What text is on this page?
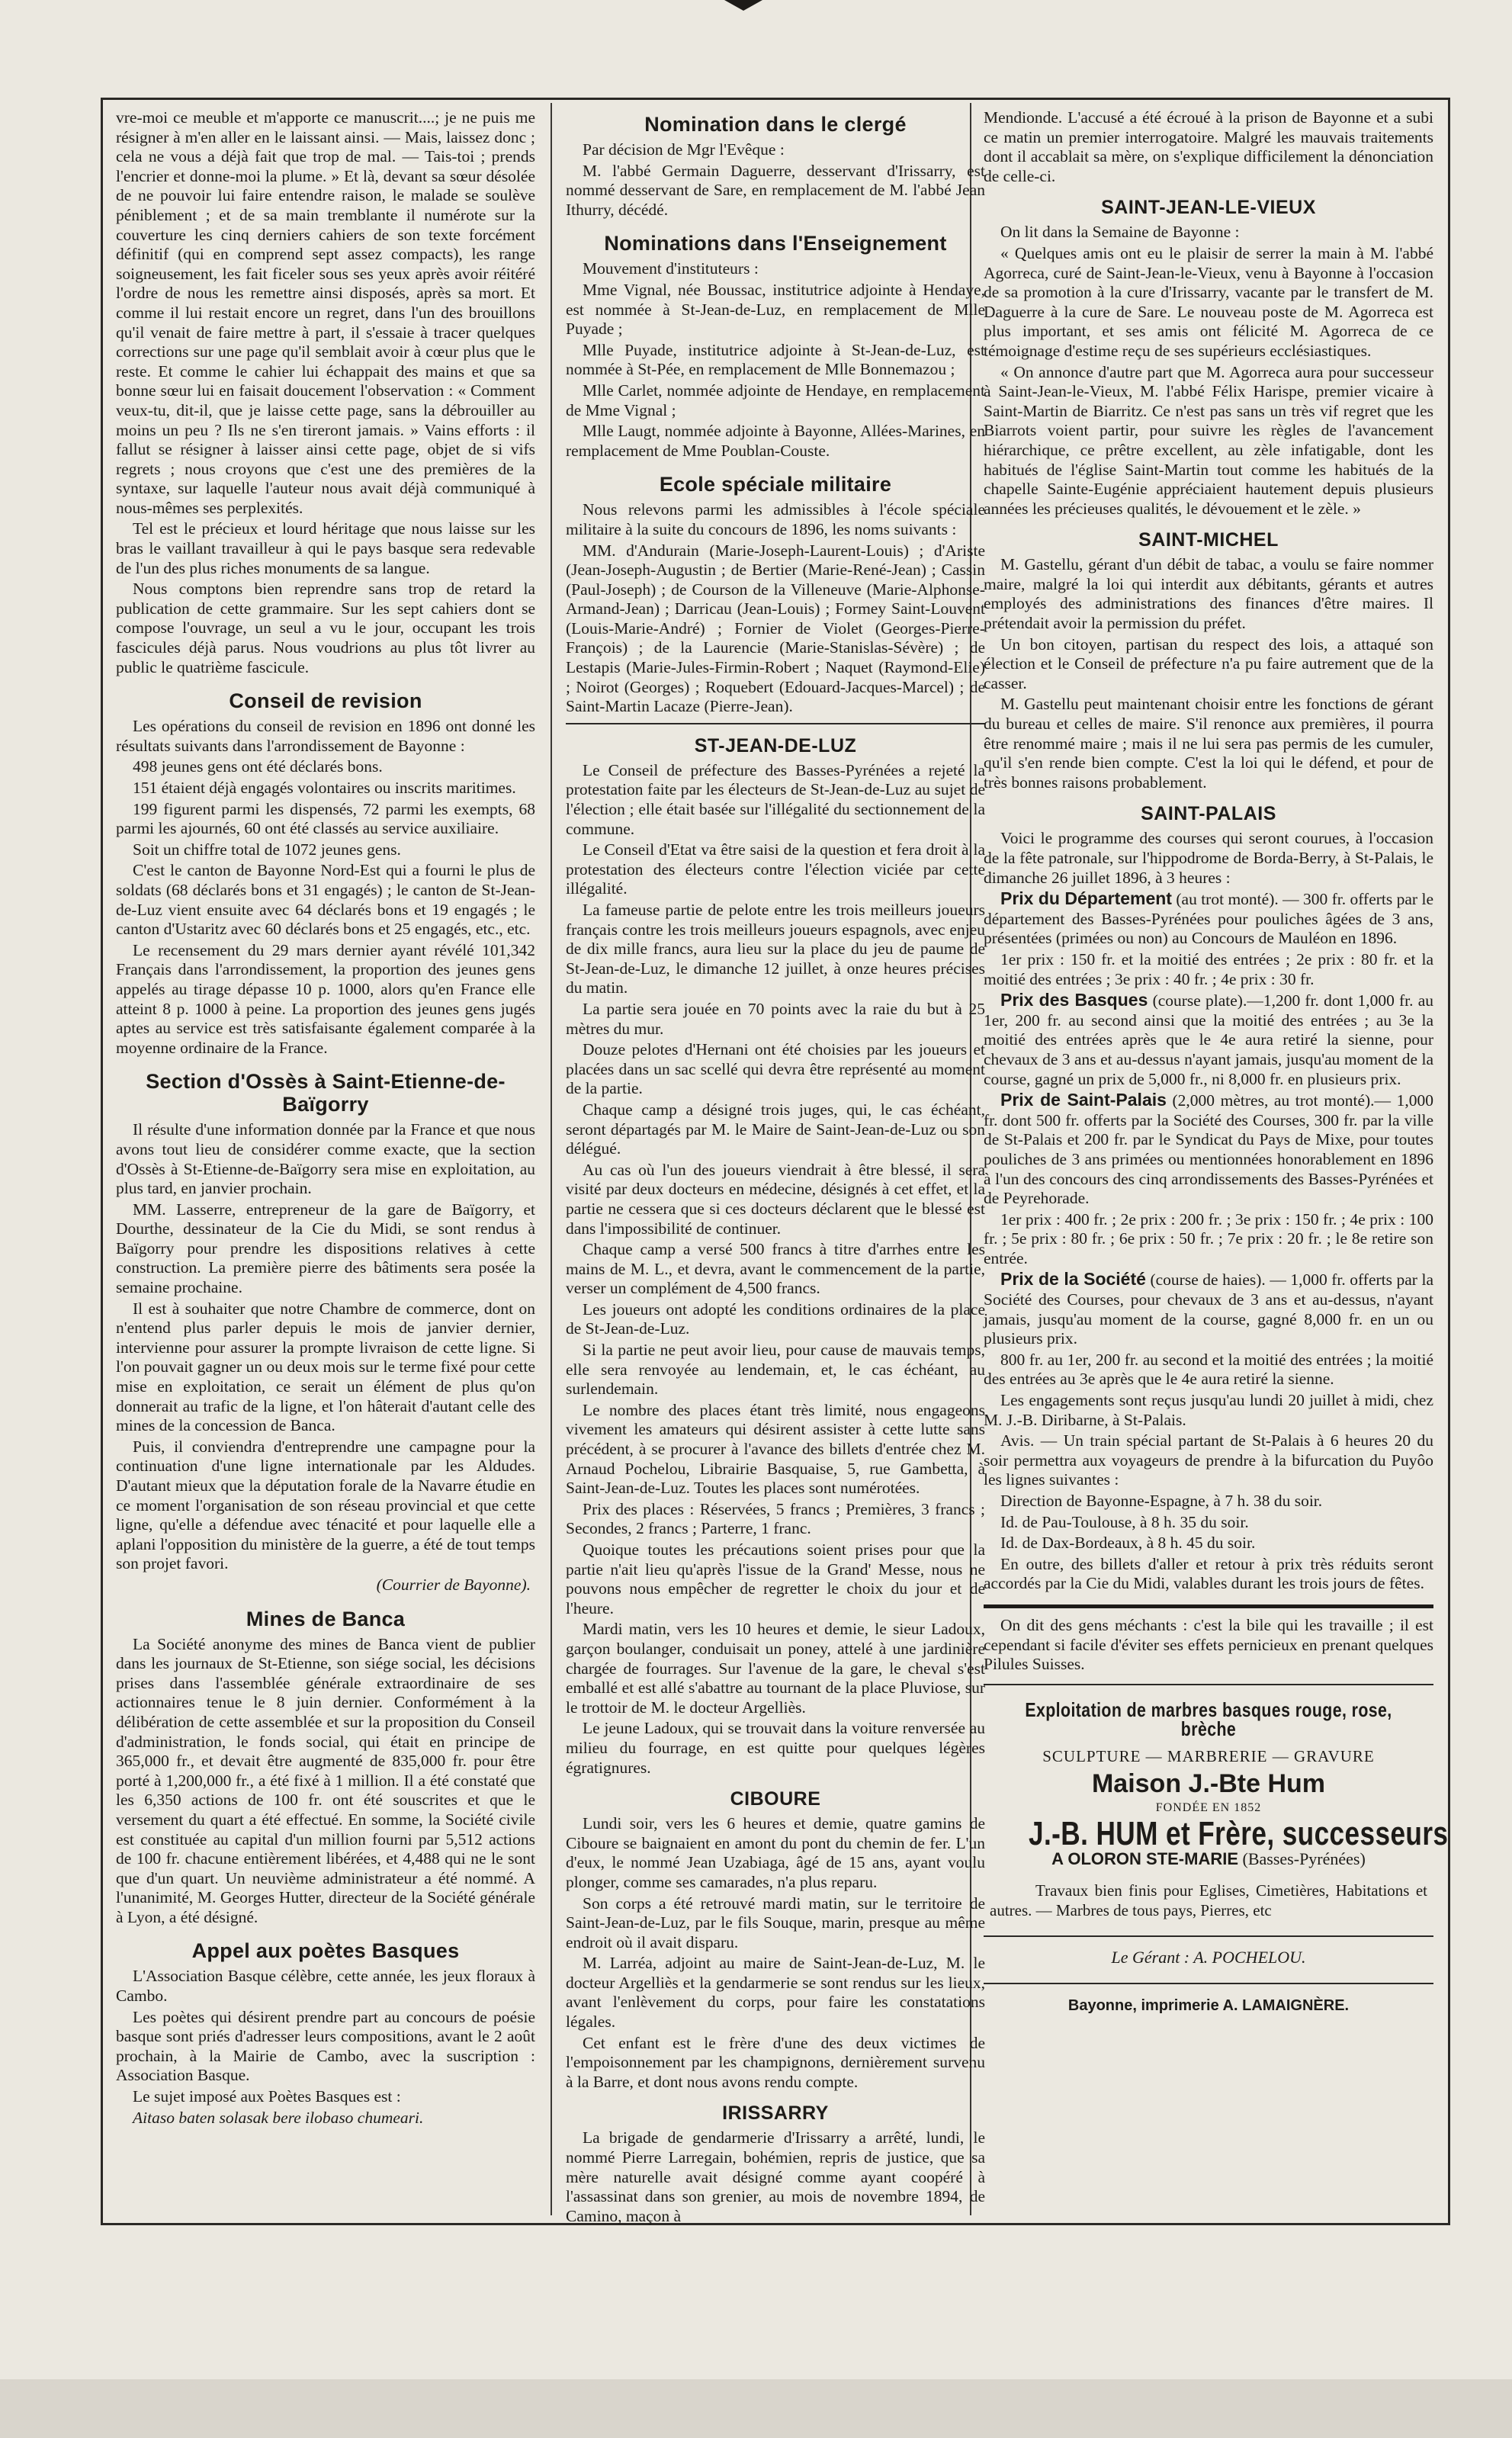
vre-moi ce meuble et m'apporte ce manuscrit....; je ne puis me résigner à m'en aller en le laissant ainsi. — Mais, laissez donc ; cela ne vous a déjà fait que trop de mal. — Tais-toi ; prends l'encrier et donne-moi la plume. » Et là, devant sa sœur désolée de ne pouvoir lui faire entendre raison, le malade se soulève péniblement ; et de sa main tremblante il numérote sur la couverture les cinq derniers cahiers de son texte forcément définitif (qui en comprend sept assez compacts), les range soigneusement, les fait ficeler sous ses yeux après avoir réitéré l'ordre de nous les remettre ainsi disposés, après sa mort. Et comme il lui restait encore un regret, dans l'un des brouillons qu'il venait de faire mettre à part, il s'essaie à tracer quelques corrections sur une page qu'il semblait avoir à cœur plus que le reste. Et comme le cahier lui échappait des mains et que sa bonne sœur lui en faisait doucement l'observation : « Comment veux-tu, dit-il, que je laisse cette page, sans la débrouiller au moins un peu ? Ils ne s'en tireront jamais. » Vains efforts : il fallut se résigner à laisser ainsi cette page, objet de si vifs regrets ; nous croyons que c'est une des premières de la syntaxe, sur laquelle l'auteur nous avait déjà communiqué à nous-mêmes ses perplexités.

Tel est le précieux et lourd héritage que nous laisse sur les bras le vaillant travailleur à qui le pays basque sera redevable de l'un des plus riches monuments de sa langue.

Nous comptons bien reprendre sans trop de retard la publication de cette grammaire. Sur les sept cahiers dont se compose l'ouvrage, un seul a vu le jour, occupant les trois fascicules déjà parus. Nous voudrions au plus tôt livrer au public le quatrième fascicule.

Conseil de revision

Les opérations du conseil de revision en 1896 ont donné les résultats suivants dans l'arrondissement de Bayonne :

498 jeunes gens ont été déclarés bons.

151 étaient déjà engagés volontaires ou inscrits maritimes.

199 figurent parmi les dispensés, 72 parmi les exempts, 68 parmi les ajournés, 60 ont été classés au service auxiliaire.

Soit un chiffre total de 1072 jeunes gens.

C'est le canton de Bayonne Nord-Est qui a fourni le plus de soldats (68 déclarés bons et 31 engagés) ; le canton de St-Jean-de-Luz vient ensuite avec 64 déclarés bons et 19 engagés ; le canton d'Ustaritz avec 60 déclarés bons et 25 engagés, etc., etc.

Le recensement du 29 mars dernier ayant révélé 101,342 Français dans l'arrondissement, la proportion des jeunes gens appelés au tirage dépasse 10 p. 1000, alors qu'en France elle atteint 8 p. 1000 à peine. La proportion des jeunes gens jugés aptes au service est très satisfaisante également comparée à la moyenne ordinaire de la France.

Section d'Ossès à Saint-Etienne-de-Baïgorry

Il résulte d'une information donnée par la France et que nous avons tout lieu de considérer comme exacte, que la section d'Ossès à St-Etienne-de-Baïgorry sera mise en exploitation, au plus tard, en janvier prochain.

MM. Lasserre, entrepreneur de la gare de Baïgorry, et Dourthe, dessinateur de la Cie du Midi, se sont rendus à Baïgorry pour prendre les dispositions relatives à cette construction. La première pierre des bâtiments sera posée la semaine prochaine.

Il est à souhaiter que notre Chambre de commerce, dont on n'entend plus parler depuis le mois de janvier dernier, intervienne pour assurer la prompte livraison de cette ligne. Si l'on pouvait gagner un ou deux mois sur le terme fixé pour cette mise en exploitation, ce serait un élément de plus qu'on donnerait au trafic de la ligne, et l'on hâterait d'autant celle des mines de la concession de Banca.

Puis, il conviendra d'entreprendre une campagne pour la continuation d'une ligne internationale par les Aldudes. D'autant mieux que la députation forale de la Navarre étudie en ce moment l'organisation de son réseau provincial et que cette ligne, qu'elle a défendue avec ténacité et pour laquelle elle a aplani l'opposition du ministère de la guerre, a été de tout temps son projet favori.

(Courrier de Bayonne).

Mines de Banca

La Société anonyme des mines de Banca vient de publier dans les journaux de St-Etienne, son siége social, les décisions prises dans l'assemblée générale extraordinaire de ses actionnaires tenue le 8 juin dernier. Conformément à la délibération de cette assemblée et sur la proposition du Conseil d'administration, le fonds social, qui était en principe de 365,000 fr., et devait être augmenté de 835,000 fr. pour être porté à 1,200,000 fr., a été fixé à 1 million. Il a été constaté que les 6,350 actions de 100 fr. ont été souscrites et que le versement du quart a été effectué. En somme, la Société civile est constituée au capital d'un million fourni par 5,512 actions de 100 fr. chacune entièrement libérées, et 4,488 qui ne le sont que d'un quart. Un neuvième administrateur a été nommé. A l'unanimité, M. Georges Hutter, directeur de la Société générale à Lyon, a été désigné.

Appel aux poètes Basques

L'Association Basque célèbre, cette année, les jeux floraux à Cambo.

Les poètes qui désirent prendre part au concours de poésie basque sont priés d'adresser leurs compositions, avant le 2 août prochain, à la Mairie de Cambo, avec la suscription : Association Basque.

Le sujet imposé aux Poètes Basques est :

Aitaso baten solasak bere ilobaso chumeari.

Nomination dans le clergé

Par décision de Mgr l'Evêque :

M. l'abbé Germain Daguerre, desservant d'Irissarry, est nommé desservant de Sare, en remplacement de M. l'abbé Jean Ithurry, décédé.

Nominations dans l'Enseignement

Mouvement d'instituteurs :

Mme Vignal, née Boussac, institutrice adjointe à Hendaye, est nommée à St-Jean-de-Luz, en remplacement de Mlle Puyade ;

Mlle Puyade, institutrice adjointe à St-Jean-de-Luz, est nommée à St-Pée, en remplacement de Mlle Bonnemazou ;

Mlle Carlet, nommée adjointe de Hendaye, en remplacement de Mme Vignal ;

Mlle Laugt, nommée adjointe à Bayonne, Allées-Marines, en remplacement de Mme Poublan-Couste.

Ecole spéciale militaire

Nous relevons parmi les admissibles à l'école spéciale militaire à la suite du concours de 1896, les noms suivants :

MM. d'Andurain (Marie-Joseph-Laurent-Louis) ; d'Ariste (Jean-Joseph-Augustin ; de Bertier (Marie-René-Jean) ; Cassin (Paul-Joseph) ; de Courson de la Villeneuve (Marie-Alphonse-Armand-Jean) ; Darricau (Jean-Louis) ; Formey Saint-Louvent (Louis-Marie-André) ; Fornier de Violet (Georges-Pierre-François) ; de la Laurencie (Marie-Stanislas-Sévère) ; de Lestapis (Marie-Jules-Firmin-Robert ; Naquet (Raymond-Elie) ; Noirot (Georges) ; Roquebert (Edouard-Jacques-Marcel) ; de Saint-Martin Lacaze (Pierre-Jean).

ST-JEAN-DE-LUZ

Le Conseil de préfecture des Basses-Pyrénées a rejeté la protestation faite par les électeurs de St-Jean-de-Luz au sujet de l'élection ; elle était basée sur l'illégalité du sectionnement de la commune.

Le Conseil d'Etat va être saisi de la question et fera droit à la protestation des électeurs contre l'élection viciée par cette illégalité.

La fameuse partie de pelote entre les trois meilleurs joueurs français contre les trois meilleurs joueurs espagnols, avec enjeu de dix mille francs, aura lieu sur la place du jeu de paume de St-Jean-de-Luz, le dimanche 12 juillet, à onze heures précises du matin.

La partie sera jouée en 70 points avec la raie du but à 25 mètres du mur.

Douze pelotes d'Hernani ont été choisies par les joueurs et placées dans un sac scellé qui devra être représenté au moment de la partie.

Chaque camp a désigné trois juges, qui, le cas échéant, seront départagés par M. le Maire de Saint-Jean-de-Luz ou son délégué.

Au cas où l'un des joueurs viendrait à être blessé, il sera visité par deux docteurs en médecine, désignés à cet effet, et la partie ne cessera que si ces docteurs déclarent que le blessé est dans l'impossibilité de continuer.

Chaque camp a versé 500 francs à titre d'arrhes entre les mains de M. L., et devra, avant le commencement de la partie, verser un complément de 4,500 francs.

Les joueurs ont adopté les conditions ordinaires de la place de St-Jean-de-Luz.

Si la partie ne peut avoir lieu, pour cause de mauvais temps, elle sera renvoyée au lendemain, et, le cas échéant, au surlendemain.

Le nombre des places étant très limité, nous engageons vivement les amateurs qui désirent assister à cette lutte sans précédent, à se procurer à l'avance des billets d'entrée chez M. Arnaud Pochelou, Librairie Basquaise, 5, rue Gambetta, à Saint-Jean-de-Luz. Toutes les places sont numérotées.

Prix des places : Réservées, 5 francs ; Premières, 3 francs ; Secondes, 2 francs ; Parterre, 1 franc.

Quoique toutes les précautions soient prises pour que la partie n'ait lieu qu'après l'issue de la Grand' Messe, nous ne pouvons nous empêcher de regretter le choix du jour et de l'heure.

Mardi matin, vers les 10 heures et demie, le sieur Ladoux, garçon boulanger, conduisait un poney, attelé à une jardinière chargée de fourrages. Sur l'avenue de la gare, le cheval s'est emballé et est allé s'abattre au tournant de la place Pluviose, sur le trottoir de M. le docteur Argelliès.

Le jeune Ladoux, qui se trouvait dans la voiture renversée au milieu du fourrage, en est quitte pour quelques légères égratignures.

CIBOURE

Lundi soir, vers les 6 heures et demie, quatre gamins de Ciboure se baignaient en amont du pont du chemin de fer. L'un d'eux, le nommé Jean Uzabiaga, âgé de 15 ans, ayant voulu plonger, comme ses camarades, n'a plus reparu.

Son corps a été retrouvé mardi matin, sur le territoire de Saint-Jean-de-Luz, par le fils Souque, marin, presque au même endroit où il avait disparu.

M. Larréa, adjoint au maire de Saint-Jean-de-Luz, M. le docteur Argelliès et la gendarmerie se sont rendus sur les lieux, avant l'enlèvement du corps, pour faire les constatations légales.

Cet enfant est le frère d'une des deux victimes de l'empoisonnement par les champignons, dernièrement survenu à la Barre, et dont nous avons rendu compte.

IRISSARRY

La brigade de gendarmerie d'Irissarry a arrêté, lundi, le nommé Pierre Larregain, bohémien, repris de justice, que sa mère naturelle avait désigné comme ayant coopéré à l'assassinat dans son grenier, au mois de novembre 1894, de Camino, maçon à

Mendionde. L'accusé a été écroué à la prison de Bayonne et a subi ce matin un premier interrogatoire. Malgré les mauvais traitements dont il accablait sa mère, on s'explique difficilement la dénonciation de celle-ci.

SAINT-JEAN-LE-VIEUX

On lit dans la Semaine de Bayonne :

« Quelques amis ont eu le plaisir de serrer la main à M. l'abbé Agorreca, curé de Saint-Jean-le-Vieux, venu à Bayonne à l'occasion de sa promotion à la cure d'Irissarry, vacante par le transfert de M. Daguerre à la cure de Sare. Le nouveau poste de M. Agorreca est plus important, et ses amis ont félicité M. Agorreca de ce témoignage d'estime reçu de ses supérieurs ecclésiastiques.

« On annonce d'autre part que M. Agorreca aura pour successeur à Saint-Jean-le-Vieux, M. l'abbé Félix Harispe, premier vicaire à Saint-Martin de Biarritz. Ce n'est pas sans un très vif regret que les Biarrots voient partir, pour suivre les règles de l'avancement hiérarchique, ce prêtre excellent, au zèle infatigable, dont les habitués de l'église Saint-Martin tout comme les habitués de la chapelle Sainte-Eugénie appréciaient hautement depuis plusieurs années les précieuses qualités, le dévouement et le zèle. »

SAINT-MICHEL

M. Gastellu, gérant d'un débit de tabac, a voulu se faire nommer maire, malgré la loi qui interdit aux débitants, gérants et autres employés des administrations des finances d'être maires. Il prétendait avoir la permission du préfet.

Un bon citoyen, partisan du respect des lois, a attaqué son élection et le Conseil de préfecture n'a pu faire autrement que de la casser.

M. Gastellu peut maintenant choisir entre les fonctions de gérant du bureau et celles de maire. S'il renonce aux premières, il pourra être renommé maire ; mais il ne lui sera pas permis de les cumuler, qu'il s'en rende bien compte. C'est la loi qui le défend, et pour de très bonnes raisons probablement.

SAINT-PALAIS

Voici le programme des courses qui seront courues, à l'occasion de la fête patronale, sur l'hippodrome de Borda-Berry, à St-Palais, le dimanche 26 juillet 1896, à 3 heures :

Prix du Département (au trot monté). — 300 fr. offerts par le département des Basses-Pyrénées pour pouliches âgées de 3 ans, présentées (primées ou non) au Concours de Mauléon en 1896.

1er prix : 150 fr. et la moitié des entrées ; 2e prix : 80 fr. et la moitié des entrées ; 3e prix : 40 fr. ; 4e prix : 30 fr.

Prix des Basques (course plate).—1,200 fr. dont 1,000 fr. au 1er, 200 fr. au second ainsi que la moitié des entrées ; au 3e la moitié des entrées après que le 4e aura retiré la sienne, pour chevaux de 3 ans et au-dessus n'ayant jamais, jusqu'au moment de la course, gagné un prix de 5,000 fr., ni 8,000 fr. en plusieurs prix.

Prix de Saint-Palais (2,000 mètres, au trot monté).— 1,000 fr. dont 500 fr. offerts par la Société des Courses, 300 fr. par la ville de St-Palais et 200 fr. par le Syndicat du Pays de Mixe, pour toutes pouliches de 3 ans primées ou mentionnées honorablement en 1896 à l'un des concours des cinq arrondissements des Basses-Pyrénées et de Peyrehorade.

1er prix : 400 fr. ; 2e prix : 200 fr. ; 3e prix : 150 fr. ; 4e prix : 100 fr. ; 5e prix : 80 fr. ; 6e prix : 50 fr. ; 7e prix : 20 fr. ; le 8e retire son entrée.

Prix de la Société (course de haies). — 1,000 fr. offerts par la Société des Courses, pour chevaux de 3 ans et au-dessus, n'ayant jamais, jusqu'au moment de la course, gagné 8,000 fr. en un ou plusieurs prix.

800 fr. au 1er, 200 fr. au second et la moitié des entrées ; la moitié des entrées au 3e après que le 4e aura retiré la sienne.

Les engagements sont reçus jusqu'au lundi 20 juillet à midi, chez M. J.-B. Diribarne, à St-Palais.

Avis. — Un train spécial partant de St-Palais à 6 heures 20 du soir permettra aux voyageurs de prendre à la bifurcation du Puyôo les lignes suivantes :

Direction de Bayonne-Espagne, à 7 h. 38 du soir.

Id. de Pau-Toulouse, à 8 h. 35 du soir.

Id. de Dax-Bordeaux, à 8 h. 45 du soir.

En outre, des billets d'aller et retour à prix très réduits seront accordés par la Cie du Midi, valables durant les trois jours de fêtes.

On dit des gens méchants : c'est la bile qui les travaille ; il est cependant si facile d'éviter ses effets pernicieux en prenant quelques Pilules Suisses.

Exploitation de marbres basques rouge, rose, brèche
SCULPTURE — MARBRERIE — GRAVURE
Maison J.-Bte Hum
FONDÉE EN 1852
J.-B. HUM et Frère, successeurs
A OLORON STE-MARIE (Basses-Pyrénées)
Travaux bien finis pour Eglises, Cimetières, Habitations et autres. — Marbres de tous pays, Pierres, etc
Le Gérant : A. POCHELOU.
Bayonne, imprimerie A. LAMAIGNÈRE.
